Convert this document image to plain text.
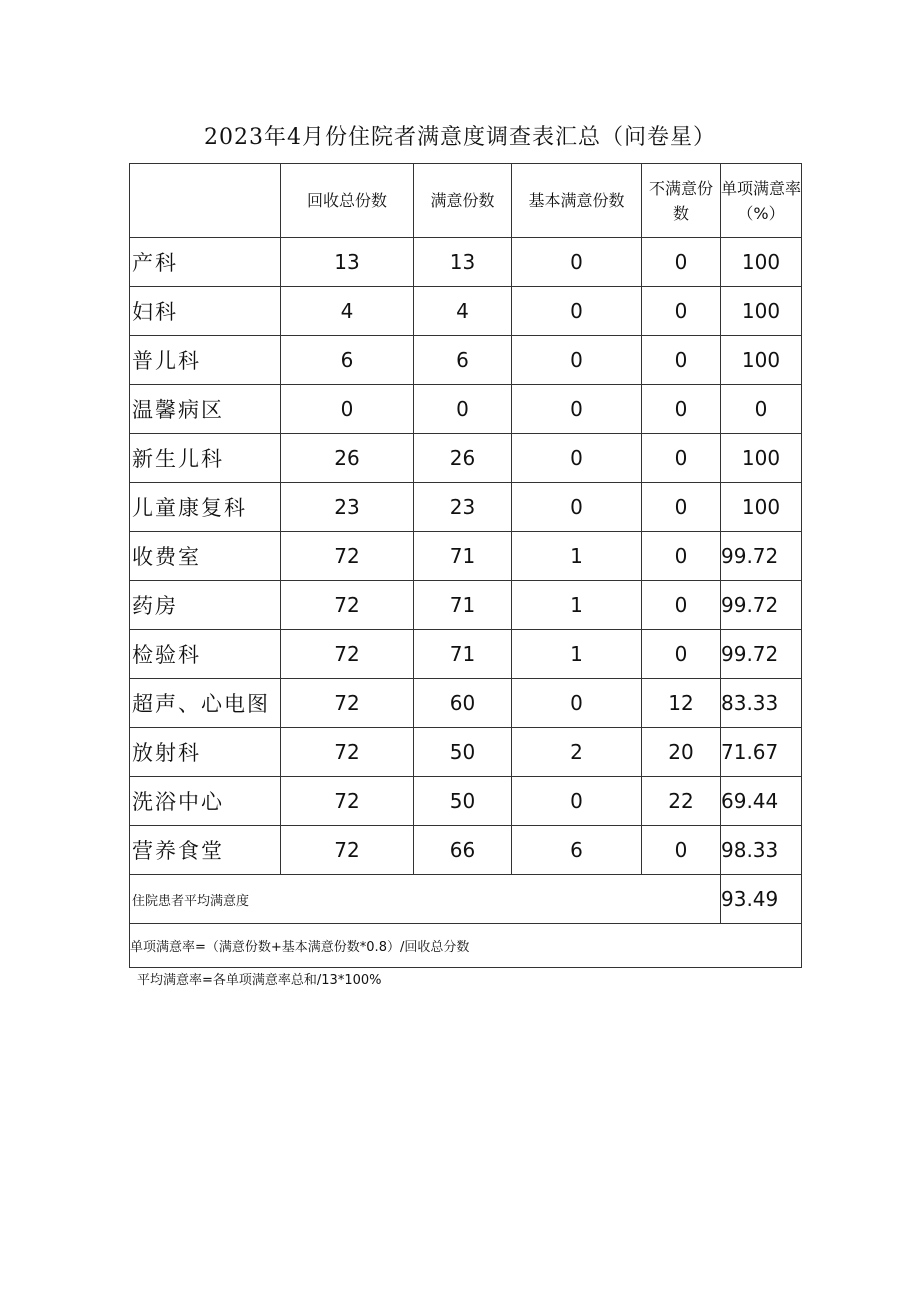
2023年4月份住院者满意度调查表汇总（问卷星）
	回收总份数	满意份数	基本满意份数	不满意份数	单项满意率（%）
产科	13	13	0	0	100
妇科	4	4	0	0	100
普儿科	6	6	0	0	100
温馨病区	0	0	0	0	0
新生儿科	26	26	0	0	100
儿童康复科	23	23	0	0	100
收费室	72	71	1	0	99.72
药房	72	71	1	0	99.72
检验科	72	71	1	0	99.72
超声、心电图	72	60	0	12	83.33
放射科	72	50	2	20	71.67
洗浴中心	72	50	0	22	69.44
营养食堂	72	66	6	0	98.33
住院患者平均满意度					93.49
单项满意率=（满意份数+基本满意份数*0.8）/回收总分数					
平均满意率=各单项满意率总和/13*100%
